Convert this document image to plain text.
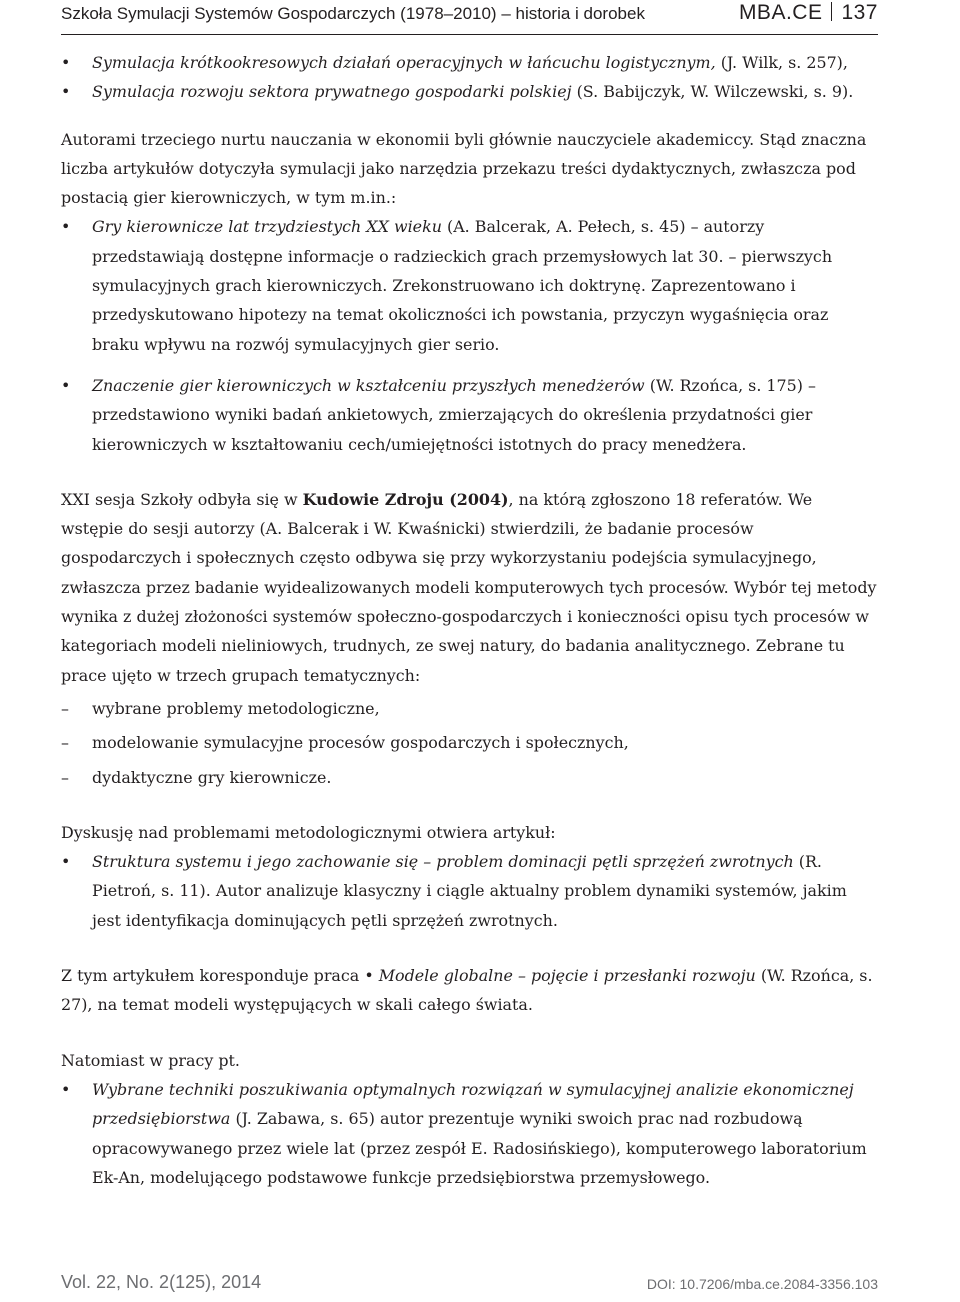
Szkoła Symulacji Systemów Gospodarczych (1978–2010) – historia i dorobek	MBA.CE 137
• Symulacja krótkookresowych działań operacyjnych w łańcuchu logistycznym, (J. Wilk, s. 257),
• Symulacja rozwoju sektora prywatnego gospodarki polskiej (S. Babijczyk, W. Wilczewski, s. 9).

Autorami trzeciego nurtu nauczania w ekonomii byli głównie nauczyciele akademiccy. Stąd znaczna liczba artykułów dotyczyła symulacji jako narzędzia przekazu treści dydaktycznych, zwłaszcza pod postacią gier kierowniczych, w tym m.in.:

• Gry kierownicze lat trzydziestych XX wieku (A. Balcerak, A. Pełech, s. 45) – autorzy przedstawiają dostępne informacje o radzieckich grach przemysłowych lat 30. – pierwszych symulacyjnych grach kierowniczych. Zrekonstruowano ich doktrynę. Zaprezentowano i przedyskutowano hipotezy na temat okoliczności ich powstania, przyczyn wygaśnięcia oraz braku wpływu na rozwój symulacyjnych gier serio.
• Znaczenie gier kierowniczych w kształceniu przyszłych menedżerów (W. Rzońca, s. 175) – przedstawiono wyniki badań ankietowych, zmierzających do określenia przydatności gier kierowniczych w kształtowaniu cech/umiejętności istotnych do pracy menedżera.

XXI sesja Szkoły odbyła się w Kudowie Zdroju (2004), na którą zgłoszono 18 referatów. We wstępie do sesji autorzy (A. Balcerak i W. Kwaśnicki) stwierdzili, że badanie procesów gospodarczych i społecznych często odbywa się przy wykorzystaniu podejścia symulacyjnego, zwłaszcza przez badanie wyidealizowanych modeli komputerowych tych procesów. Wybór tej metody wynika z dużej złożoności systemów społeczno-gospodarczych i konieczności opisu tych procesów w kategoriach modeli nieliniowych, trudnych, ze swej natury, do badania analitycznego. Zebrane tu prace ujęto w trzech grupach tematycznych:

– wybrane problemy metodologiczne,
– modelowanie symulacyjne procesów gospodarczych i społecznych,
– dydaktyczne gry kierownicze.

Dyskusję nad problemami metodologicznymi otwiera artykuł:

• Struktura systemu i jego zachowanie się – problem dominacji pętli sprzężeń zwrotnych (R. Pietroń, s. 11). Autor analizuje klasyczny i ciągle aktualny problem dynamiki systemów, jakim jest identyfikacja dominujących pętli sprzężeń zwrotnych.

Z tym artykułem koresponduje praca • Modele globalne – pojęcie i przesłanki rozwoju (W. Rzońca, s. 27), na temat modeli występujących w skali całego świata.

Natomiast w pracy pt.

• Wybrane techniki poszukiwania optymalnych rozwiązań w symulacyjnej analizie ekonomicznej przedsiębiorstwa (J. Zabawa, s. 65) autor prezentuje wyniki swoich prac nad rozbudową opracowywanego przez wiele lat (przez zespół E. Radosińskiego), komputerowego laboratorium Ek-An, modelującego podstawowe funkcje przedsiębiorstwa przemysłowego.
Vol. 22, No. 2(125), 2014	DOI: 10.7206/mba.ce.2084-3356.103
